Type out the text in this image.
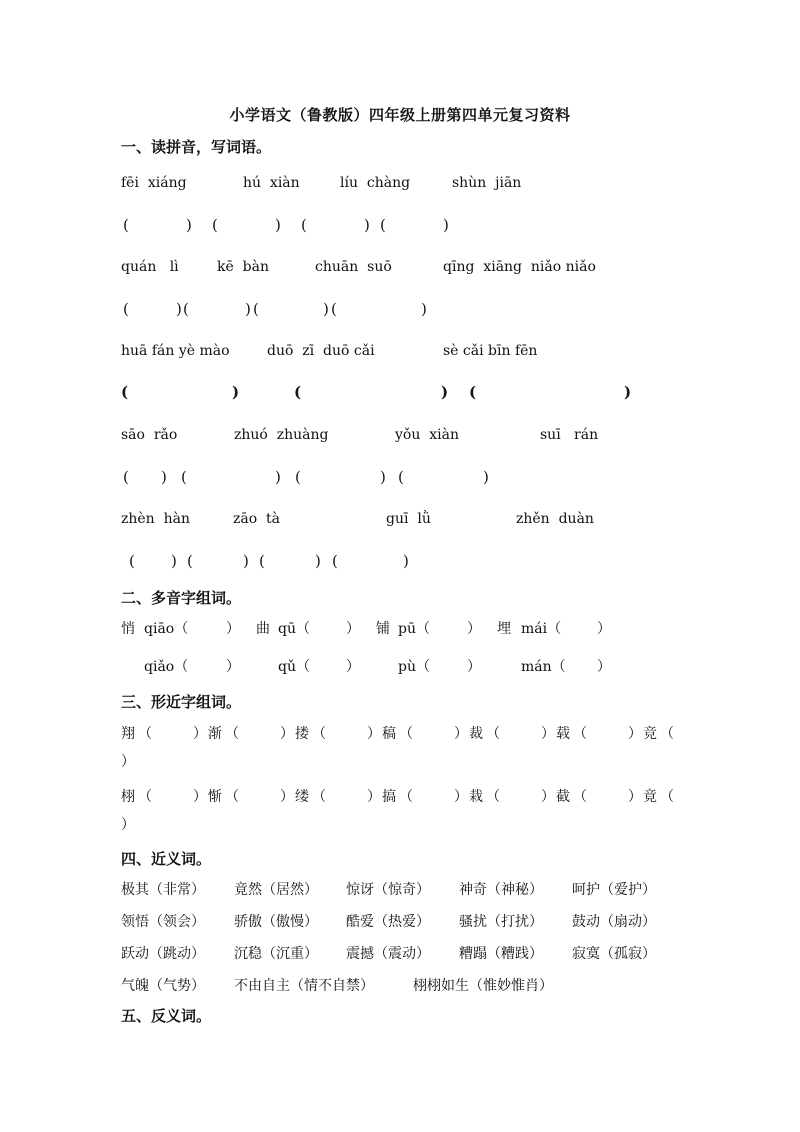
小学语文（鲁教版）四年级上册第四单元复习资料
一、读拼音，写词语。
fēi  xiáng	hú  xiàn	líu  chàng	shùn  jiān
(	) (	) (	) (	)
quán   lì	kē  bàn	chuān  suō	qīng  xiāng  niǎo niǎo
(	) (	) (	) (	)
huā fán yè mào	duō  zī  duō cǎi	sè cǎi bīn fēn
(	)	(	) (	)
sāo  rǎo	zhuó  zhuàng	yǒu  xiàn	suī   rán
( ) (	) (	) (	)
zhèn  hàn	zāo  tà	guī  lǜ	zhěn  duàn
( ) (	) (	) (	)
二、多音字组词。
悄 qiāo（	） 曲 qū（	） 铺 pū（	） 埋 mái（	）
qiǎo（	）	qǔ（	）	pù（	）	mán（ ）
三、形近字组词。
翔 （	） 渐 （	） 搂 （	） 稿 （	） 裁 （	） 载 （	） 竞 （
）
栩 （	） 惭 （	） 缕 （	） 搞 （	） 栽 （	） 截 （	） 竟 （
）
四、近义词。
极其（非常） 竟然（居然） 惊讶（惊奇） 神奇（神秘） 呵护（爱护）
领悟（领会） 骄傲（傲慢） 酷爱（热爱） 骚扰（打扰） 鼓动（扇动）
跃动（跳动） 沉稳（沉重） 震撼（震动） 糟蹋（糟践） 寂寞（孤寂）
气魄（气势） 不由自主（情不自禁）	栩栩如生（惟妙惟肖）
五、反义词。
